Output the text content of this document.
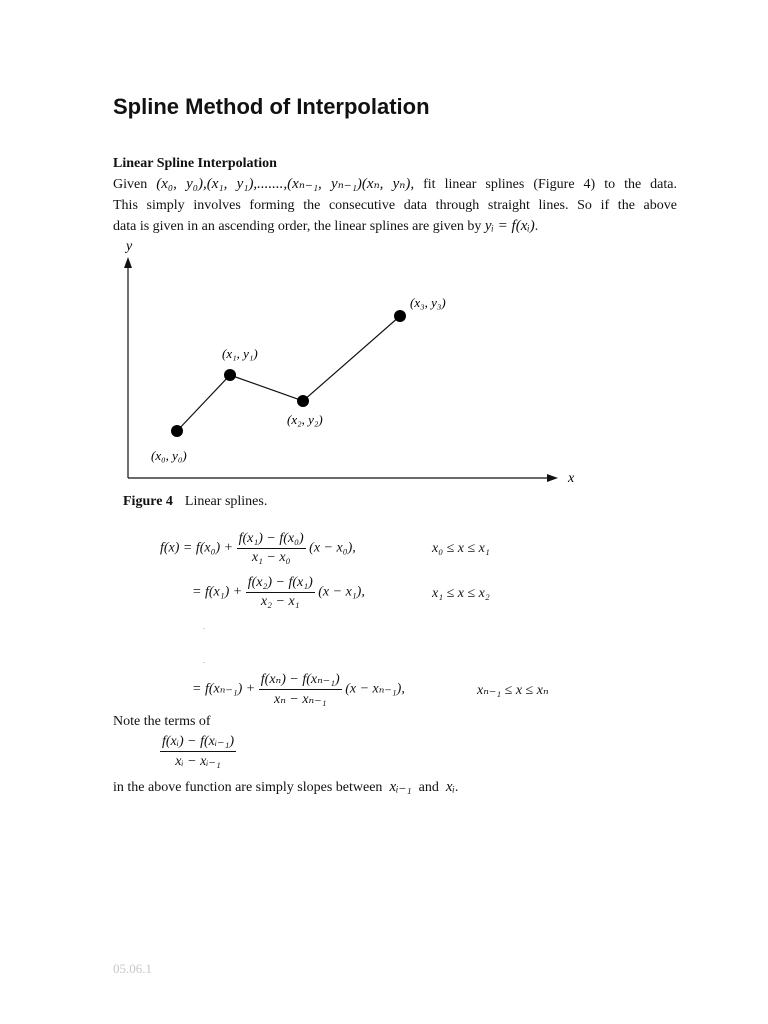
Spline Method of Interpolation
Linear Spline Interpolation
Given (x₀, y₀),(x₁, y₁),.......,(xₙ₋₁, yₙ₋₁)(xₙ, yₙ), fit linear splines (Figure 4) to the data.
This simply involves forming the consecutive data through straight lines. So if the above
data is given in an ascending order, the linear splines are given by yᵢ = f(xᵢ).
y
x
(x₀, y₀)
(x₁, y₁)
(x₂, y₂)
(x₃, y₃)
Figure 4 Linear splines.
$f(x) = f(x_0) + \frac{\text{f(x₁) − f(x₀)}}{\text{x₁ − x₀}} (x - x_0)$,	x₀ ≤ x ≤ x₁
= $f(x_1) + \frac{\text{f(x₂) − f(x₁)}}{\text{x₂ − x₁}} (x - x_1)$,	x₁ ≤ x ≤ x₂
.
.
= $f(x_{n-1}) + \frac{\text{f(xₙ) − f(xₙ₋₁)}}{\text{xₙ − xₙ₋₁}} (x - x_{n-1})$,	xₙ₋₁ ≤ x ≤ xₙ
Note the terms of
$\frac{\text{f(xᵢ) − f(xᵢ₋₁)}}{\text{xᵢ − xᵢ₋₁}}$
in the above function are simply slopes between xᵢ₋₁ and xᵢ.
05.06.1
